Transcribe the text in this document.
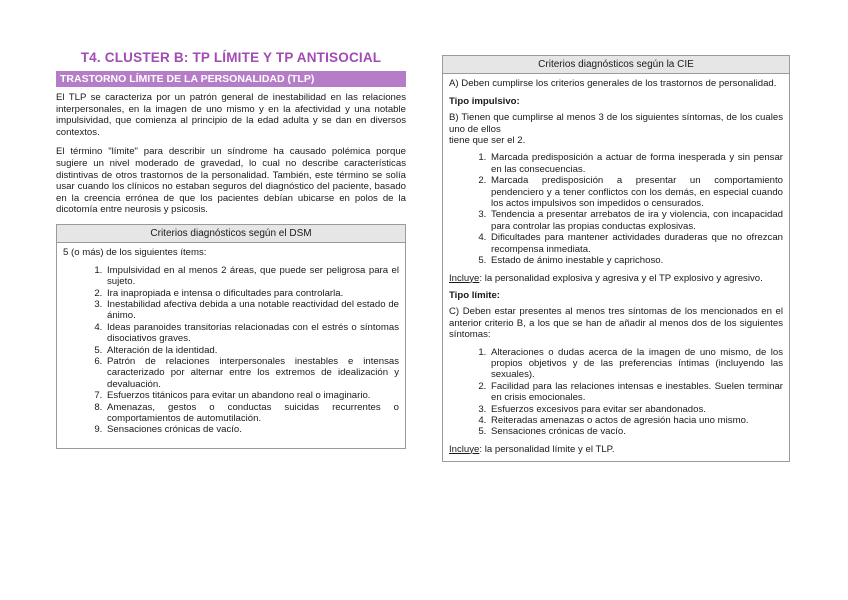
T4. CLUSTER B: TP LÍMITE Y TP ANTISOCIAL
TRASTORNO LÍMITE DE LA PERSONALIDAD (TLP)

El TLP se caracteriza por un patrón general de inestabilidad en las relaciones interpersonales, en la imagen de uno mismo y en la afectividad y una notable impulsividad, que comienza al principio de la edad adulta y se dan en diversos contextos.

El término "límite" para describir un síndrome ha causado polémica porque sugiere un nivel moderado de gravedad, lo cual no describe características distintivas de otros trastornos de la personalidad. También, este término se solía usar cuando los clínicos no estaban seguros del diagnóstico del paciente, basado en la creencia errónea de que los pacientes debían ubicarse en polos de la dicotomía entre neurosis y psicosis.

Criterios diagnósticos según el DSM

5 (o más) de los siguientes ítems:

1. Impulsividad en al menos 2 áreas, que puede ser peligrosa para el sujeto.
2. Ira inapropiada e intensa o dificultades para controlarla.
3. Inestabilidad afectiva debida a una notable reactividad del estado de ánimo.
4. Ideas paranoides transitorias relacionadas con el estrés o síntomas disociativos graves.
5. Alteración de la identidad.
6. Patrón de relaciones interpersonales inestables e intensas caracterizado por alternar entre los extremos de idealización y devaluación.
7. Esfuerzos titánicos para evitar un abandono real o imaginario.
8. Amenazas, gestos o conductas suicidas recurrentes o comportamientos de automutilación.
9. Sensaciones crónicas de vacío.
Criterios diagnósticos según la CIE

A) Deben cumplirse los criterios generales de los trastornos de personalidad.

Tipo impulsivo:

B) Tienen que cumplirse al menos 3 de los siguientes síntomas, de los cuales uno de ellos
tiene que ser el 2.

1. Marcada predisposición a actuar de forma inesperada y sin pensar en las consecuencias.
2. Marcada predisposición a presentar un comportamiento pendenciero y a tener conflictos con los demás, en especial cuando los actos impulsivos son impedidos o censurados.
3. Tendencia a presentar arrebatos de ira y violencia, con incapacidad para controlar las propias conductas explosivas.
4. Dificultades para mantener actividades duraderas que no ofrezcan recompensa inmediata.
5. Estado de ánimo inestable y caprichoso.

Incluye: la personalidad explosiva y agresiva y el TP explosivo y agresivo.

Tipo límite:

C) Deben estar presentes al menos tres síntomas de los mencionados en el anterior criterio B, a los que se han de añadir al menos dos de los siguientes síntomas:

1. Alteraciones o dudas acerca de la imagen de uno mismo, de los propios objetivos y de las preferencias íntimas (incluyendo las sexuales).
2. Facilidad para las relaciones intensas e inestables. Suelen terminar en crisis emocionales.
3. Esfuerzos excesivos para evitar ser abandonados.
4. Reiteradas amenazas o actos de agresión hacia uno mismo.
5. Sensaciones crónicas de vacío.

Incluye: la personalidad límite y el TLP.
